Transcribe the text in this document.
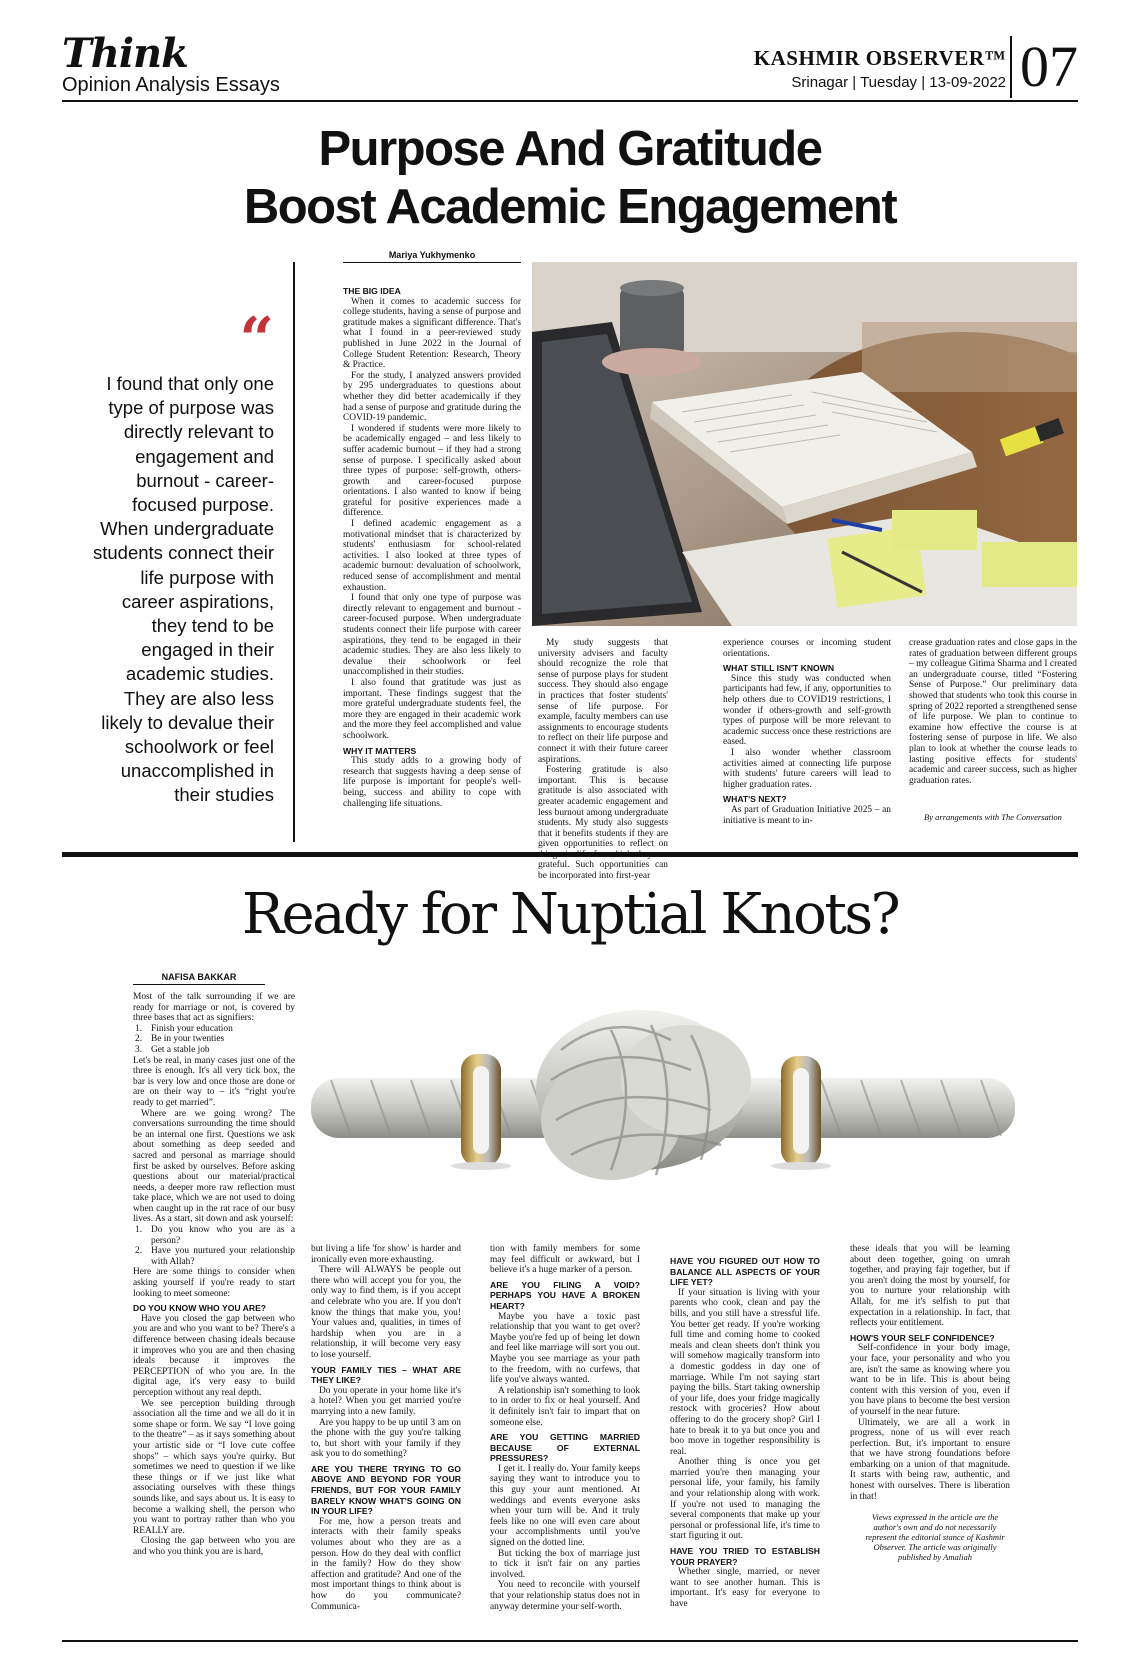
Think
Opinion Analysis Essays
KASHMIR OBSERVER™
Srinagar | Tuesday | 13-09-2022 07
Purpose And Gratitude
Boost Academic Engagement
“
I found that only one type of purpose was directly relevant to engagement and burnout - career-focused purpose. When undergraduate students connect their life purpose with career aspirations, they tend to be engaged in their academic studies. They are also less likely to devalue their schoolwork or feel unaccomplished in their studies
Mariya Yukhymenko

THE BIG IDEA

When it comes to academic success for college students, having a sense of purpose and gratitude makes a significant difference. That's what I found in a peer-reviewed study published in June 2022 in the Journal of College Student Retention: Research, Theory & Practice.

For the study, I analyzed answers provided by 295 undergraduates to questions about whether they did better academically if they had a sense of purpose and gratitude during the COVID-19 pandemic.

I wondered if students were more likely to be academically engaged – and less likely to suffer academic burnout – if they had a strong sense of purpose. I specifically asked about three types of purpose: self-growth, others-growth and career-focused purpose orientations. I also wanted to know if being grateful for positive experiences made a difference.

I defined academic engagement as a motivational mindset that is characterized by students' enthusiasm for school-related activities. I also looked at three types of academic burnout: devaluation of schoolwork, reduced sense of accomplishment and mental exhaustion.

I found that only one type of purpose was directly relevant to engagement and burnout - career-focused purpose. When undergraduate students connect their life purpose with career aspirations, they tend to be engaged in their academic studies. They are also less likely to devalue their schoolwork or feel unaccomplished in their studies.

I also found that gratitude was just as important. These findings suggest that the more grateful undergraduate students feel, the more they are engaged in their academic work and the more they feel accomplished and value schoolwork.

WHY IT MATTERS

This study adds to a growing body of research that suggests having a deep sense of life purpose is important for people's well-being, success and ability to cope with challenging life situations.

My study suggests that university advisers and faculty should recognize the role that sense of purpose plays for student success. They should also engage in practices that foster students' sense of life purpose. For example, faculty members can use assignments to encourage students to reflect on their life purpose and connect it with their future career aspirations.

Fostering gratitude is also important. This is because gratitude is also associated with greater academic engagement and less burnout among undergraduate students. My study also suggests that it benefits students if they are given opportunities to reflect on grateful. Such opportunities can be incorporated into first-year

experience courses or incoming student orientations.

WHAT STILL ISN'T KNOWN

Since this study was conducted when participants had few, if any, opportunities to help others due to COVID19 restrictions, I wonder if others-growth and self-growth types of purpose will be more relevant to academic success once these restrictions are eased.

I also wonder whether classroom activities aimed at connecting life purpose with students' future careers will lead to higher graduation rates.

WHAT'S NEXT?

As part of Graduation Initiative 2025 – an initiative is meant to in-

crease graduation rates and close gaps in the rates of graduation between different groups – my colleague Gitima Sharma and I created an undergraduate course, titled “Fostering Sense of Purpose.” Our preliminary data showed that students who took this course in spring of 2022 reported a strengthened sense of life purpose. We plan to continue to examine how effective the course is at fostering sense of purpose in life. We also plan to look at whether the course leads to lasting positive effects for students' academic and career success, such as higher graduation rates.

By arrangements with The Conversation
Ready for Nuptial Knots?
NAFISA BAKKAR

Most of the talk surrounding if we are ready for marriage or not, is covered by three bases that act as signifiers:

1. Finish your education

2. Be in your twenties

3. Get a stable job

Let's be real, in many cases just one of the three is enough. It's all very tick box, the bar is very low and once those are done or are on their way to – it's “right you're ready to get married”.

Where are we going wrong? The conversations surrounding the time should be an internal one first. Questions we ask about something as deep seeded and sacred and personal as marriage should first be asked by ourselves. Before asking questions about our material/practical needs, a deeper more raw reflection must take place, which we are not used to doing when caught up in the rat race of our busy lives. As a start, sit down and ask yourself:

1. Do you know who you are as a person?

2. Have you nurtured your relationship with Allah?

Here are some things to consider when asking yourself if you're ready to start looking to meet someone:

DO YOU KNOW WHO YOU ARE?

Have you closed the gap between who you are and who you want to be? There's a difference between chasing ideals because it improves who you are and then chasing ideals because it improves the PERCEPTION of who you are. In the digital age, it's very easy to build perception without any real depth.

We see perception building through association all the time and we all do it in some shape or form. We say “I love going to the theatre” – as it says something about your artistic side or “I love cute coffee shops” – which says you're quirky. But sometimes we need to question if we like these things or if we just like what associating ourselves with these things sounds like, and says about us. It is easy to become a walking shell, the person who you want to portray rather than who you REALLY are.

Closing the gap between who you are and who you think you are is hard,

but living a life 'for show' is harder and ironically even more exhausting.

There will ALWAYS be people out there who will accept you for you, the only way to find them, is if you accept and celebrate who you are. If you don't know the things that make you, you! Your values and, qualities, in times of hardship when you are in a relationship, it will become very easy to lose yourself.

YOUR FAMILY TIES – WHAT ARE THEY LIKE?

Do you operate in your home like it's a hotel? When you get married you're marrying into a new family.

Are you happy to be up until 3 am on the phone with the guy you're talking to, but short with your family if they ask you to do something?

ARE YOU THERE TRYING TO GO ABOVE AND BEYOND FOR YOUR FRIENDS, BUT FOR YOUR FAMILY BARELY KNOW WHAT'S GOING ON IN YOUR LIFE?

For me, how a person treats and interacts with their family speaks volumes about who they are as a person. How do they deal with conflict in the family? How do they show affection and gratitude? And one of the most important things to think about is how do you communicate? Communica-

tion with family members for some may feel difficult or awkward, but I believe it's a huge marker of a person.

ARE YOU FILING A VOID? PERHAPS YOU HAVE A BROKEN HEART?

Maybe you have a toxic past relationship that you want to get over? Maybe you're fed up of being let down and feel like marriage will sort you out. Maybe you see marriage as your path to the freedom, with no curfews, that life you've always wanted.

A relationship isn't something to look to in order to fix or heal yourself. And it definitely isn't fair to impart that on someone else.

ARE YOU GETTING MARRIED BECAUSE OF EXTERNAL PRESSURES?

I get it. I really do. Your family keeps saying they want to introduce you to this guy your aunt mentioned. At weddings and events everyone asks when your turn will be. And it truly feels like no one will even care about your accomplishments until you've signed on the dotted line.

But ticking the box of marriage just to tick it isn't fair on any parties involved.

You need to reconcile with yourself that your relationship status does not in anyway determine your self-worth.

HAVE YOU FIGURED OUT HOW TO BALANCE ALL ASPECTS OF YOUR LIFE YET?

If your situation is living with your parents who cook, clean and pay the bills, and you still have a stressful life. You better get ready. If you're working full time and coming home to cooked meals and clean sheets don't think you will somehow magically transform into a domestic goddess in day one of marriage. While I'm not saying start paying the bills. Start taking ownership of your life, does your fridge magically restock with groceries? How about offering to do the grocery shop? Girl I hate to break it to ya but once you and boo move in together responsibility is real.

Another thing is once you get married you're then managing your personal life, your family, his family and your relationship along with work. If you're not used to managing the several components that make up your personal or professional life, it's time to start figuring it out.

HAVE YOU TRIED TO ESTABLISH YOUR PRAYER?

Whether single, married, or never want to see another human. This is important. It's easy for everyone to have

these ideals that you will be learning about deen together, going on umrah together, and praying fajr together, but if you aren't doing the most by yourself, for you to nurture your relationship with Allah, for me it's selfish to put that expectation in a relationship. In fact, that reflects your entitlement.

HOW'S YOUR SELF CONFIDENCE?

Self-confidence in your body image, your face, your personality and who you are, isn't the same as knowing where you want to be in life. This is about being content with this version of you, even if you have plans to become the best version of yourself in the near future.

Ultimately, we are all a work in progress, none of us will ever reach perfection. But, it's important to ensure that we have strong foundations before embarking on a union of that magnitude. It starts with being raw, authentic, and honest with ourselves. There is liberation in that!

Views expressed in the article are the author's own and do not necessarily represent the editorial stance of Kashmir Observer. The article was originally published by Amaliah
